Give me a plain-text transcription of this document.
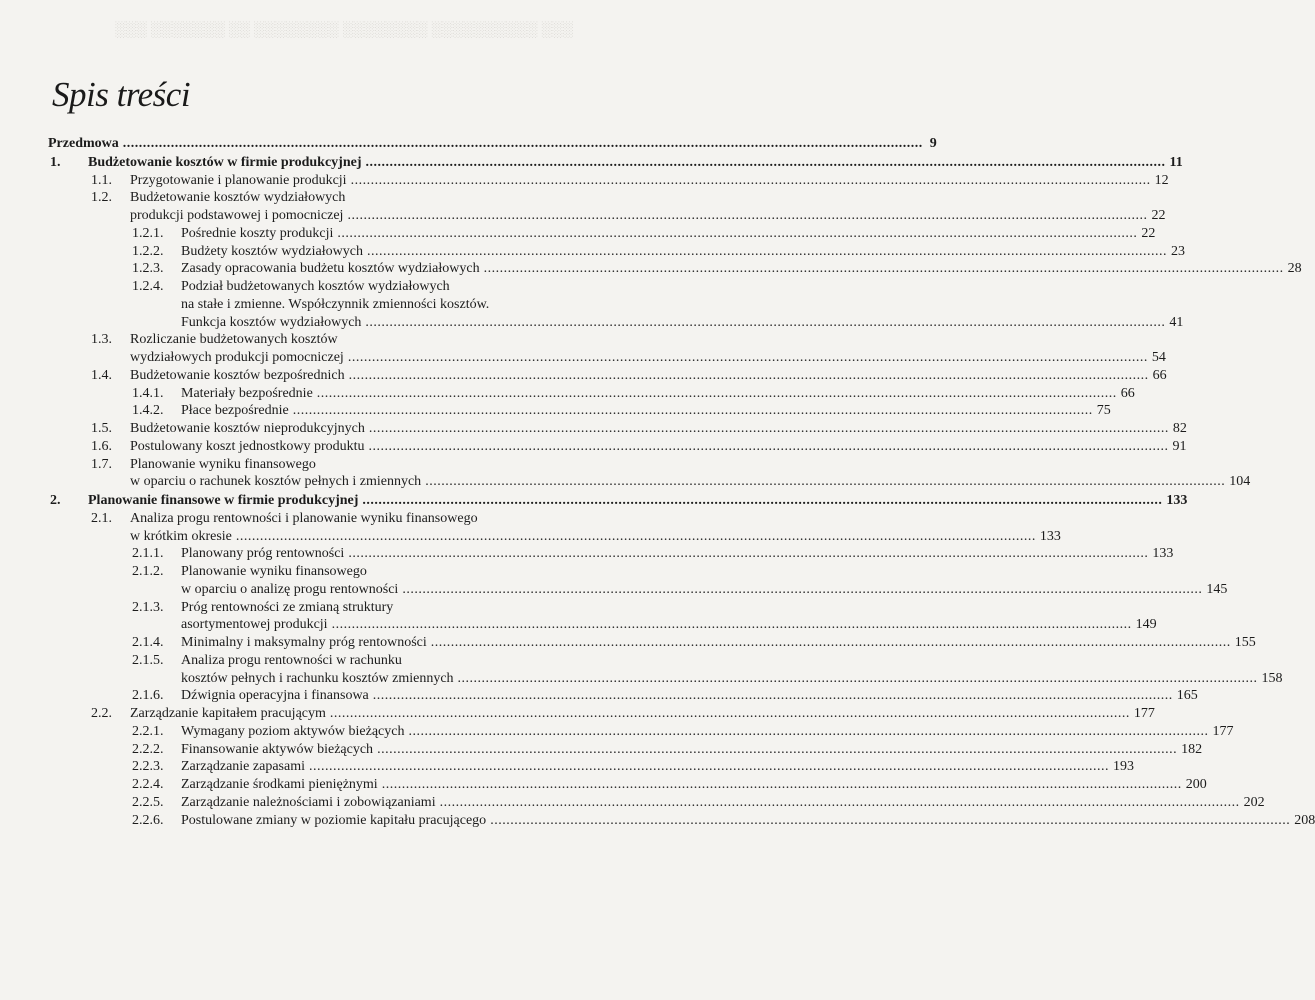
░░░ ░░░░░░░ ░░ ░░░░░░░░ ░░░░░░░░ ░░░░░░░░░░ ░░░
Spis treści
Przedmowa ........................................................................................................................................................................................................ 9
1. Budżetowanie kosztów w firmie produkcyjnej ........................................................................................................................................................................................................ 11
1.1. Przygotowanie i planowanie produkcji ........................................................................................................................................................................................................ 12
1.2. Budżetowanie kosztów wydziałowych
produkcji podstawowej i pomocniczej ........................................................................................................................................................................................................ 22
1.2.1. Pośrednie koszty produkcji ........................................................................................................................................................................................................ 22
1.2.2. Budżety kosztów wydziałowych ........................................................................................................................................................................................................ 23
1.2.3. Zasady opracowania budżetu kosztów wydziałowych ........................................................................................................................................................................................................ 28
1.2.4. Podział budżetowanych kosztów wydziałowych
na stałe i zmienne. Współczynnik zmienności kosztów.
Funkcja kosztów wydziałowych ........................................................................................................................................................................................................ 41
1.3. Rozliczanie budżetowanych kosztów
wydziałowych produkcji pomocniczej ........................................................................................................................................................................................................ 54
1.4. Budżetowanie kosztów bezpośrednich ........................................................................................................................................................................................................ 66
1.4.1. Materiały bezpośrednie ........................................................................................................................................................................................................ 66
1.4.2. Płace bezpośrednie ........................................................................................................................................................................................................ 75
1.5. Budżetowanie kosztów nieprodukcyjnych ........................................................................................................................................................................................................ 82
1.6. Postulowany koszt jednostkowy produktu ........................................................................................................................................................................................................ 91
1.7. Planowanie wyniku finansowego
w oparciu o rachunek kosztów pełnych i zmiennych ........................................................................................................................................................................................................ 104
2. Planowanie finansowe w firmie produkcyjnej ........................................................................................................................................................................................................ 133
2.1. Analiza progu rentowności i planowanie wyniku finansowego
w krótkim okresie ........................................................................................................................................................................................................ 133
2.1.1. Planowany próg rentowności ........................................................................................................................................................................................................ 133
2.1.2. Planowanie wyniku finansowego
w oparciu o analizę progu rentowności ........................................................................................................................................................................................................ 145
2.1.3. Próg rentowności ze zmianą struktury
asortymentowej produkcji ........................................................................................................................................................................................................ 149
2.1.4. Minimalny i maksymalny próg rentowności ........................................................................................................................................................................................................ 155
2.1.5. Analiza progu rentowności w rachunku
kosztów pełnych i rachunku kosztów zmiennych ........................................................................................................................................................................................................ 158
2.1.6. Dźwignia operacyjna i finansowa ........................................................................................................................................................................................................ 165
2.2. Zarządzanie kapitałem pracującym ........................................................................................................................................................................................................ 177
2.2.1. Wymagany poziom aktywów bieżących ........................................................................................................................................................................................................ 177
2.2.2. Finansowanie aktywów bieżących ........................................................................................................................................................................................................ 182
2.2.3. Zarządzanie zapasami ........................................................................................................................................................................................................ 193
2.2.4. Zarządzanie środkami pieniężnymi ........................................................................................................................................................................................................ 200
2.2.5. Zarządzanie należnościami i zobowiązaniami ........................................................................................................................................................................................................ 202
2.2.6. Postulowane zmiany w poziomie kapitału pracującego ........................................................................................................................................................................................................ 208
